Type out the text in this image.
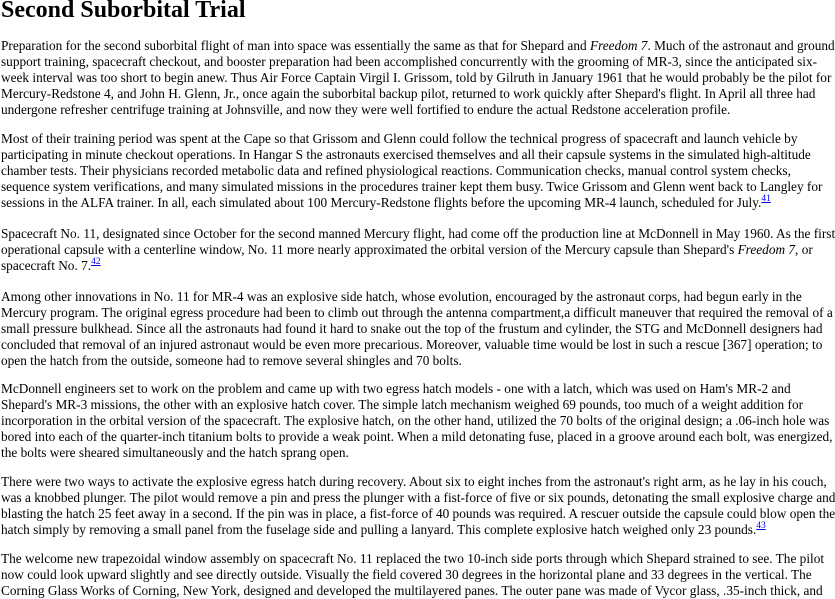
Second Suborbital Trial

Preparation for the second suborbital flight of man into space was essentially the same as that for Shepard and Freedom 7. Much of the astronaut and ground
support training, spacecraft checkout, and booster preparation had been accomplished concurrently with the grooming of MR-3, since the anticipated six-
week interval was too short to begin anew. Thus Air Force Captain Virgil I. Grissom, told by Gilruth in January 1961 that he would probably be the pilot for
Mercury-Redstone 4, and John H. Glenn, Jr., once again the suborbital backup pilot, returned to work quickly after Shepard's flight. In April all three had
undergone refresher centrifuge training at Johnsville, and now they were well fortified to endure the actual Redstone acceleration profile.

Most of their training period was spent at the Cape so that Grissom and Glenn could follow the technical progress of spacecraft and launch vehicle by
participating in minute checkout operations. In Hangar S the astronauts exercised themselves and all their capsule systems in the simulated high-altitude
chamber tests. Their physicians recorded metabolic data and refined physiological reactions. Communication checks, manual control system checks,
sequence system verifications, and many simulated missions in the procedures trainer kept them busy. Twice Grissom and Glenn went back to Langley for
sessions in the ALFA trainer. In all, each simulated about 100 Mercury-Redstone flights before the upcoming MR-4 launch, scheduled for July.$^{41}$

Spacecraft No. 11, designated since October for the second manned Mercury flight, had come off the production line at McDonnell in May 1960. As the first
operational capsule with a centerline window, No. 11 more nearly approximated the orbital version of the Mercury capsule than Shepard's Freedom 7, or
spacecraft No. 7.42

Among other innovations in No. 11 for MR-4 was an explosive side hatch, whose evolution, encouraged by the astronaut corps, had begun early in the
Mercury program. The original egress procedure had been to climb out through the antenna compartment,a difficult maneuver that required the removal of a
small pressure bulkhead. Since all the astronauts had found it hard to snake out the top of the frustum and cylinder, the STG and McDonnell designers had
concluded that removal of an injured astronaut would be even more precarious. Moreover, valuable time would be lost in such a rescue [367] operation; to
open the hatch from the outside, someone had to remove several shingles and 70 bolts.

McDonnell engineers set to work on the problem and came up with two egress hatch models - one with a latch, which was used on Ham's MR-2 and
Shepard's MR-3 missions, the other with an explosive hatch cover. The simple latch mechanism weighed 69 pounds, too much of a weight addition for
incorporation in the orbital version of the spacecraft. The explosive hatch, on the other hand, utilized the 70 bolts of the original design; a .06-inch hole was
bored into each of the quarter-inch titanium bolts to provide a weak point. When a mild detonating fuse, placed in a groove around each bolt, was energized,
the bolts were sheared simultaneously and the hatch sprang open.

There were two ways to activate the explosive egress hatch during recovery. About six to eight inches from the astronaut's right arm, as he lay in his couch,
was a knobbed plunger. The pilot would remove a pin and press the plunger with a fist-force of five or six pounds, detonating the small explosive charge and
blasting the hatch 25 feet away in a second. If the pin was in place, a fist-force of 40 pounds was required. A rescuer outside the capsule could blow open the
hatch simply by removing a small panel from the fuselage side and pulling a lanyard. This complete explosive hatch weighed only 23 pounds.$^{43}$

The welcome new trapezoidal window assembly on spacecraft No. 11 replaced the two 10-inch side ports through which Shepard strained to see. The pilot
now could look upward slightly and see directly outside. Visually the field covered 30 degrees in the horizontal plane and 33 degrees in the vertical. The
Corning Glass Works of Corning, New York, designed and developed the multilayered panes. The outer pane was made of Vycor glass, .35-inch thick, and
